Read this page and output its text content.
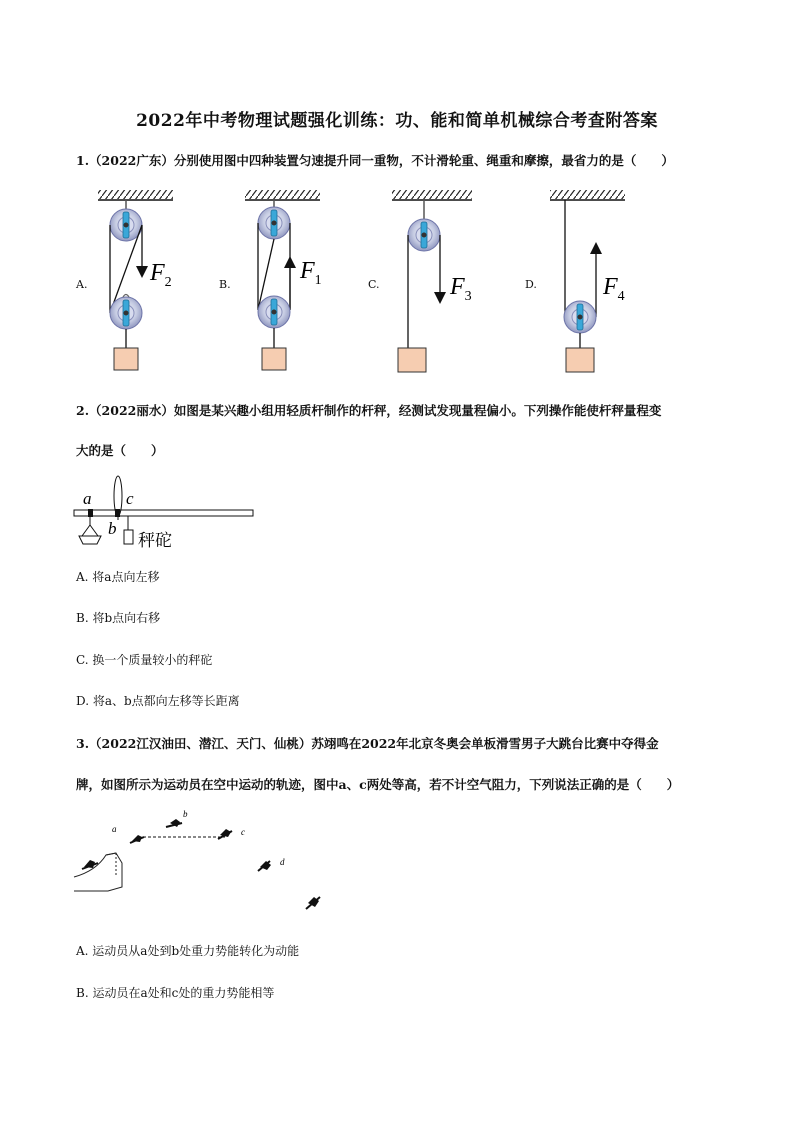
2022年中考物理试题强化训练：功、能和简单机械综合考查附答案
1.（2022广东）分别使用图中四种装置匀速提升同一重物，不计滑轮重、绳重和摩擦，最省力的是（　　）
$F_2$	$F_1$	$F_3$	$F_4$
A.	B.	C.	D.
2.（2022丽水）如图是某兴趣小组用轻质杆制作的杆秤，经测试发现量程偏小。下列操作能使杆秤量程变
大的是（　　）
a c
b
秤砣
A. 将a点向左移
B. 将b点向右移
C. 换一个质量较小的秤砣
D. 将a、b点都向左移等长距离
3.（2022江汉油田、潜江、天门、仙桃）苏翊鸣在2022年北京冬奥会单板滑雪男子大跳台比赛中夺得金
牌，如图所示为运动员在空中运动的轨迹，图中a、c两处等高，若不计空气阻力，下列说法正确的是（　　）
a
b
c
d
A. 运动员从a处到b处重力势能转化为动能
B. 运动员在a处和c处的重力势能相等
